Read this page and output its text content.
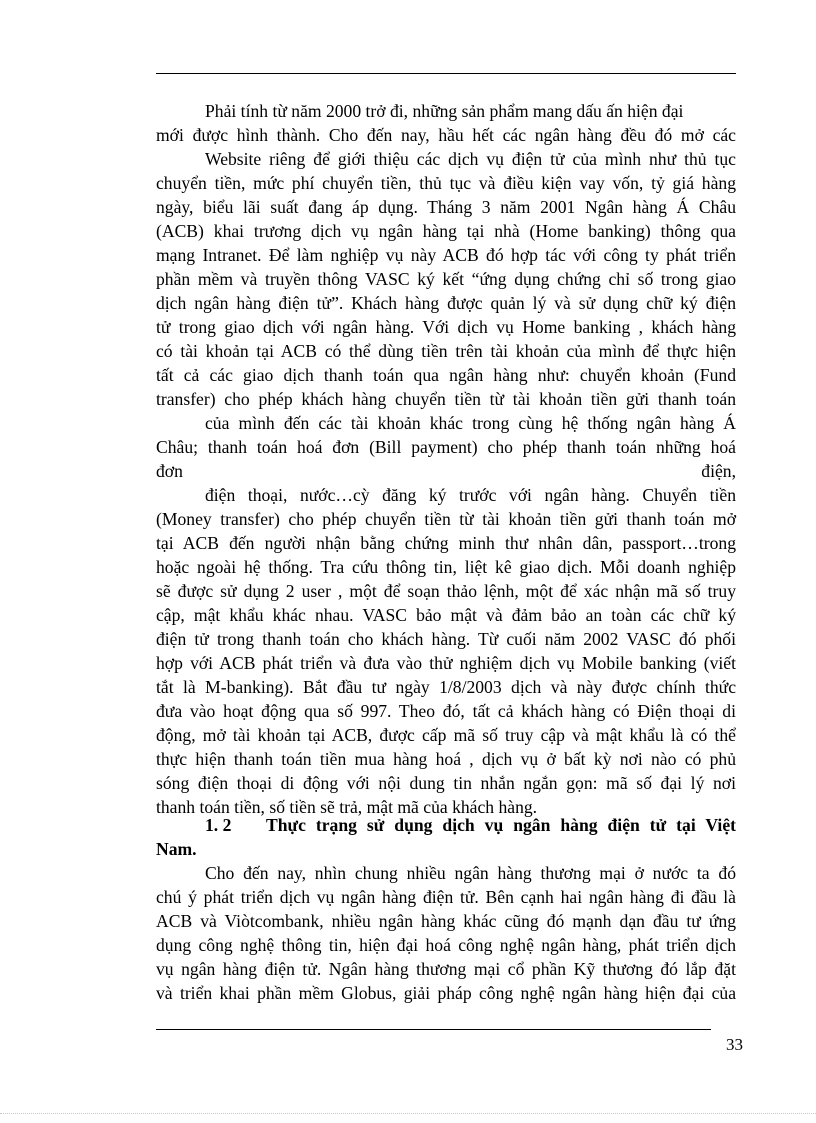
Phải tính từ năm 2000 trở đi, những sản phẩm mang dấu ấn hiện đại
mới được hình thành. Cho đến nay, hầu hết các ngân hàng đều đó mở các
Website riêng để giới thiệu các dịch vụ điện tử của mình như thủ tục
chuyển tiền, mức phí chuyển tiền, thủ tục và điều kiện vay vốn, tỷ giá hàng
ngày, biểu lãi suất đang áp dụng. Tháng 3 năm 2001 Ngân hàng Á Châu
(ACB) khai trương dịch vụ ngân hàng tại nhà (Home banking) thông qua
mạng Intranet. Để làm nghiệp vụ này ACB đó hợp tác với công ty phát triển
phần mềm và truyền thông VASC ký kết “ứng dụng chứng chỉ số trong giao
dịch ngân hàng điện tử”. Khách hàng được quản lý và sử dụng chữ ký điện
tử trong giao dịch với ngân hàng. Với dịch vụ Home banking , khách hàng
có tài khoản tại ACB có thể dùng tiền trên tài khoản của mình để thực hiện
tất cả các giao dịch thanh toán qua ngân hàng như: chuyển khoản (Fund
transfer) cho phép khách hàng chuyển tiền từ tài khoản tiền gửi thanh toán
của mình đến các tài khoản khác trong cùng hệ thống ngân hàng Á
Châu; thanh toán hoá đơn (Bill payment) cho phép thanh toán những hoá
đơn	điện,
điện thoại, nước…cỳ đăng ký trước với ngân hàng. Chuyển tiền
(Money transfer) cho phép chuyển tiền từ tài khoản tiền gửi thanh toán mở
tại ACB đến người nhận bằng chứng minh thư nhân dân, passport…trong
hoặc ngoài hệ thống. Tra cứu thông tin, liệt kê giao dịch. Mỗi doanh nghiệp
sẽ được sử dụng 2 user , một để soạn thảo lệnh, một để xác nhận mã số truy
cập, mật khẩu khác nhau. VASC bảo mật và đảm bảo an toàn các chữ ký
điện tử trong thanh toán cho khách hàng. Từ cuối năm 2002 VASC đó phối
hợp với ACB phát triển và đưa vào thử nghiệm dịch vụ Mobile banking (viết
tắt là M-banking). Bắt đầu tư ngày 1/8/2003 dịch và này được chính thức
đưa vào hoạt động qua số 997. Theo đó, tất cả khách hàng có Điện thoại di
động, mở tài khoản tại ACB, được cấp mã số truy cập và mật khẩu là có thể
thực hiện thanh toán tiền mua hàng hoá , dịch vụ ở bất kỳ nơi nào có phủ
sóng điện thoại di động với nội dung tin nhắn ngắn gọn: mã số đại lý nơi
thanh toán tiền, số tiền sẽ trả, mật mã của khách hàng.
1. 2 Thực trạng sử dụng dịch vụ ngân hàng điện tử tại Việt
Nam.
Cho đến nay, nhìn chung nhiều ngân hàng thương mại ở nước ta đó
chú ý phát triển dịch vụ ngân hàng điện tử. Bên cạnh hai ngân hàng đi đầu là
ACB và Viòtcombank, nhiều ngân hàng khác cũng đó mạnh dạn đầu tư ứng
dụng công nghệ thông tin, hiện đại hoá công nghệ ngân hàng, phát triển dịch
vụ ngân hàng điện tử. Ngân hàng thương mại cổ phần Kỹ thương đó lắp đặt
và triển khai phần mềm Globus, giải pháp công nghệ ngân hàng hiện đại của
33
